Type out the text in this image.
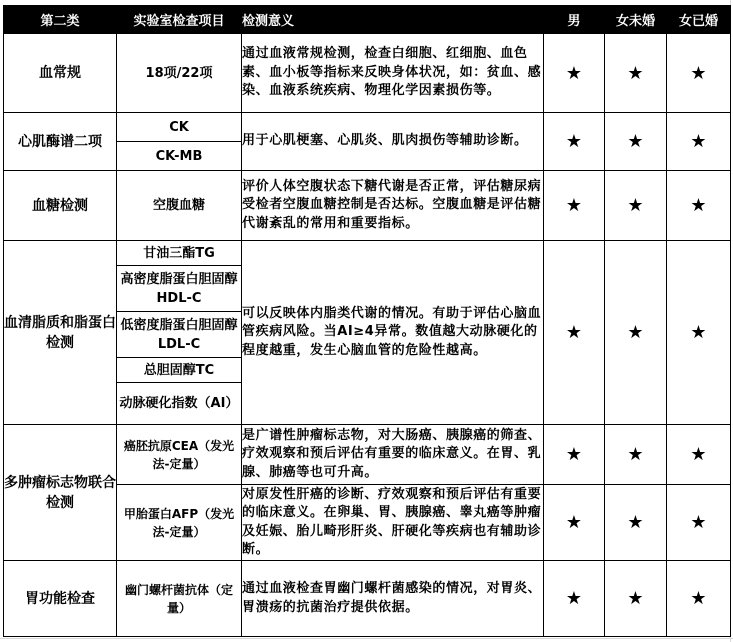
第二类	实验室检查项目	检测意义	男	女未婚	女已婚
血常规	18项/22项	通过血液常规检测，检查白细胞、红细胞、血色素、血小板等指标来反映身体状况，如：贫血、感染、血液系统疾病、物理化学因素损伤等。	★	★	★
心肌酶谱二项	CK	用于心肌梗塞、心肌炎、肌肉损伤等辅助诊断。	★	★	★
	CK-MB				
血糖检测	空腹血糖	评价人体空腹状态下糖代谢是否正常，评估糖尿病受检者空腹血糖控制是否达标。空腹血糖是评估糖代谢紊乱的常用和重要指标。	★	★	★
血清脂质和脂蛋白检测	甘油三酯TG	可以反映体内脂类代谢的情况。有助于评估心脑血管疾病风险。当AI≥4异常。数值越大动脉硬化的程度越重，发生心脑血管的危险性越高。	★	★	★
	高密度脂蛋白胆固醇HDL-C				
	低密度脂蛋白胆固醇LDL-C				
	总胆固醇TC				
	动脉硬化指数（AI）				
多肿瘤标志物联合检测	癌胚抗原CEA（发光法-定量）	是广谱性肿瘤标志物，对大肠癌、胰腺癌的筛查、疗效观察和预后评估有重要的临床意义。在胃、乳腺、肺癌等也可升高。	★	★	★
	甲胎蛋白AFP（发光法-定量）	对原发性肝癌的诊断、疗效观察和预后评估有重要的临床意义。在卵巢、胃、胰腺癌、睾丸癌等肿瘤及妊娠、胎儿畸形肝炎、肝硬化等疾病也有辅助诊断。	★	★	★
胃功能检查	幽门螺杆菌抗体（定量）	通过血液检查胃幽门螺杆菌感染的情况，对胃炎、胃溃疡的抗菌治疗提供依据。	★	★	★
